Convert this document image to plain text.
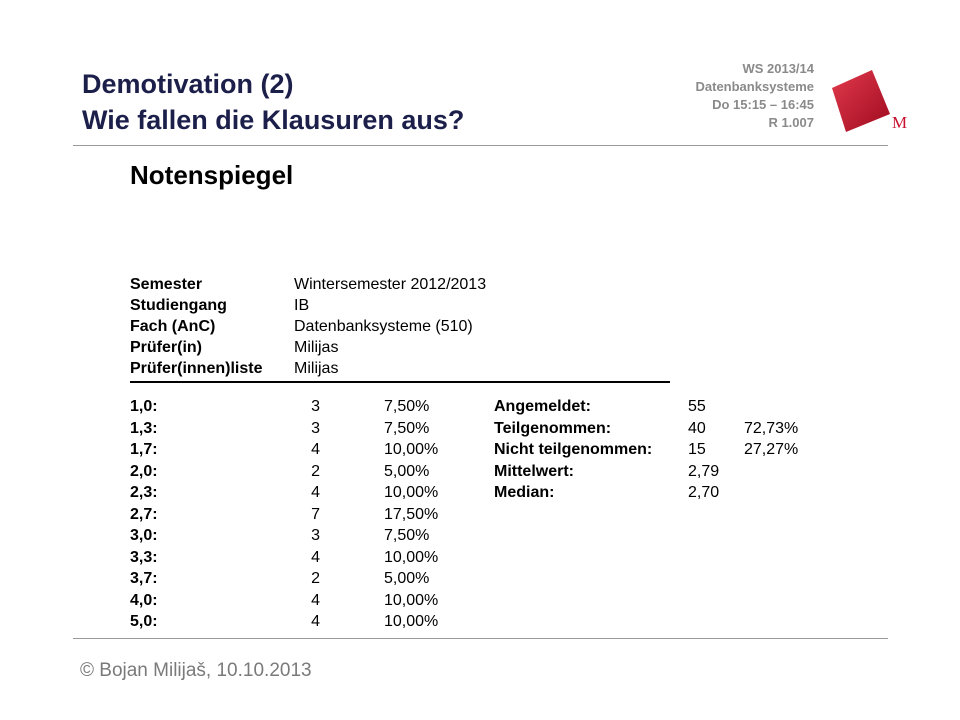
Demotivation (2)
Wie fallen die Klausuren aus?
WS 2013/14
Datenbanksysteme
Do 15:15 – 16:45
R 1.007	M
Notenspiegel
Semester	Wintersemester 2012/2013
Studiengang	IB
Fach (AnC)	Datenbanksysteme (510)
Prüfer(in)	Milijas
Prüfer(innen)liste Milijas
1,0:	3	7,50%
1,3:	3	7,50%
1,7:	4	10,00%
2,0:	2	5,00%
2,3:	4	10,00%
2,7:	7	17,50%
3,0:	3	7,50%
3,3:	4	10,00%
3,7:	2	5,00%
4,0:	4	10,00%
5,0:	4	10,00%
Angemeldet:	55
Teilgenommen:	40 72,73%
Nicht teilgenommen: 15 27,27%
Mittelwert:	2,79
Median:	2,70
© Bojan Milijaš, 10.10.2013
